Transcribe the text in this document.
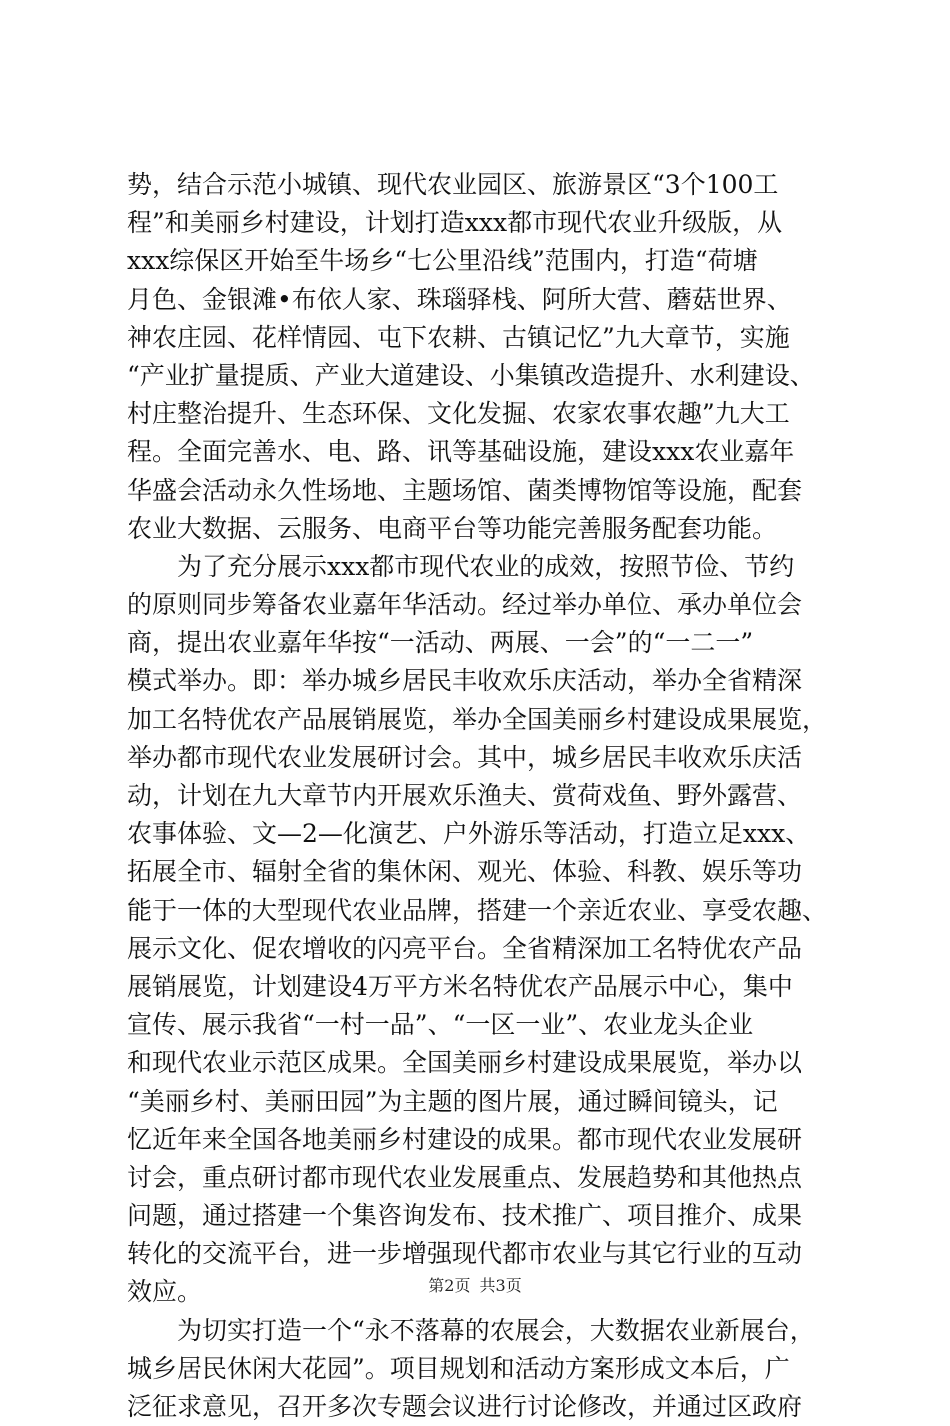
势，结合示范小城镇、现代农业园区、旅游景区“3个100工
程”和美丽乡村建设，计划打造xxx都市现代农业升级版，从
xxx综保区开始至牛场乡“七公里沿线”范围内，打造“荷塘
月色、金银滩•布依人家、珠瑙驿栈、阿所大营、蘑菇世界、
神农庄园、花样情园、屯下农耕、古镇记忆”九大章节，实施
“产业扩量提质、产业大道建设、小集镇改造提升、水利建设、
村庄整治提升、生态环保、文化发掘、农家农事农趣”九大工
程。全面完善水、电、路、讯等基础设施，建设xxx农业嘉年
华盛会活动永久性场地、主题场馆、菌类博物馆等设施，配套
农业大数据、云服务、电商平台等功能完善服务配套功能。
　　为了充分展示xxx都市现代农业的成效，按照节俭、节约
的原则同步筹备农业嘉年华活动。经过举办单位、承办单位会
商，提出农业嘉年华按“一活动、两展、一会”的“一二一”
模式举办。即：举办城乡居民丰收欢乐庆活动，举办全省精深
加工名特优农产品展销展览，举办全国美丽乡村建设成果展览，
举办都市现代农业发展研讨会。其中，城乡居民丰收欢乐庆活
动，计划在九大章节内开展欢乐渔夫、赏荷戏鱼、野外露营、
农事体验、文—2—化演艺、户外游乐等活动，打造立足xxx、
拓展全市、辐射全省的集休闲、观光、体验、科教、娱乐等功
能于一体的大型现代农业品牌，搭建一个亲近农业、享受农趣、
展示文化、促农增收的闪亮平台。全省精深加工名特优农产品
展销展览，计划建设4万平方米名特优农产品展示中心，集中
宣传、展示我省“一村一品”、“一区一业”、农业龙头企业
和现代农业示范区成果。全国美丽乡村建设成果展览，举办以
“美丽乡村、美丽田园”为主题的图片展，通过瞬间镜头，记
忆近年来全国各地美丽乡村建设的成果。都市现代农业发展研
讨会，重点研讨都市现代农业发展重点、发展趋势和其他热点
问题，通过搭建一个集咨询发布、技术推广、项目推介、成果
转化的交流平台，进一步增强现代都市农业与其它行业的互动
效应。
　　为切实打造一个“永不落幕的农展会，大数据农业新展台，
城乡居民休闲大花园”。项目规划和活动方案形成文本后，广
泛征求意见，召开多次专题会议进行讨论修改，并通过区政府
第2页 共3页
